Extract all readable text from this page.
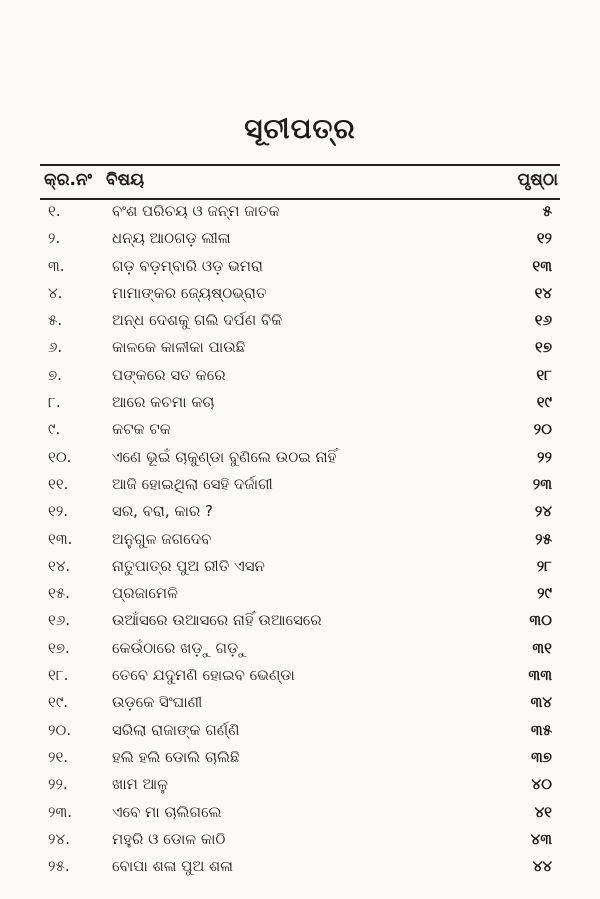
ସୂଚୀପତ୍ର
କ୍ର.ନଂ ବିଷୟ	ପୃଷ୍ଠା
୧.	ବଂଶ ପରିଚୟ ଓ ଜନ୍ମ ଜାତକ	୫
୨.	ଧନ୍ୟ ଆଠଗଡ଼ ଲୀଳା	୧୨
୩.	ଗଡ଼ ବଡ଼ମ୍ବାରି ଓଡ଼ ଭମରା	୧୩
୪.	ମାମାଙ୍କର ଜ୍ୟେଷ୍ଠଭ୍ରାତ	୧୪
୫.	ଅନ୍ଧ ଦେଶକୁ ଗଲି ଦର୍ପଣ ବିକି	୧୬
୬.	କାଳକେ କାଳୀକା ପାଉଛି	୧୭
୭.	ପଙ୍କରେ ସତ କରେ	୧୮
୮.	ଆରେ କଚମା କଚା	୧୯
୯.	କଟକ ଟକ	୨୦
୧୦.	ଏଣେ ଭୂଇଁ ଚାକୁଣ୍ଡା ବୁଣିଲେ ଉଠଇ ନାହିଁ	୨୨
୧୧.	ଆଜି ହୋଇଥିଲା ସେହି ଦର୍ଜାଗୀ	୨୩
୧୨.	ସର, ବରା, କାର ?	୨୪
୧୩.	ଅନୁଗୁଳ ଜଗଦେବ	୨୫
୧୪.	ନାତୁପାତ୍ର ପୁଅ ରୀତି ଏସନ	୨୮
୧୫.	ପ୍ରଜାମେଳି	୨୯
୧୬.	ଉଆଁସରେ ଉଆସରେ ନାହିଁ ଉଆସେରେ	୩୦
୧୭.	କେଉଁଠାରେ ଖଡ଼ୁ ଗଡ଼ୁ	୩୧
୧୮.	ତେବେ ଯଦୁମଣି ହୋଇବ ଭେଣ୍ଡା	୩୩
୧୯.	ଉଡ଼କେ ସିଂଘାଣୀ	୩୪
୨୦.	ସରିଲା ରାଜାଙ୍କ ଗର୍ଣ୍ଣି	୩୫
୨୧.	ହଲି ହଲି ଡୋଲି ଚାଲିଛି	୩୭
୨୨.	ଖାମ ଆଳୁ	୪୦
୨୩.	ଏବେ ମା ଚାଲିଗଲେ	୪୧
୨୪.	ମହୁରି ଓ ଡୋଳ କାଠି	୪୩
୨୫.	ବୋପା ଶଳା ପୁଅ ଶଳା	୪୪
